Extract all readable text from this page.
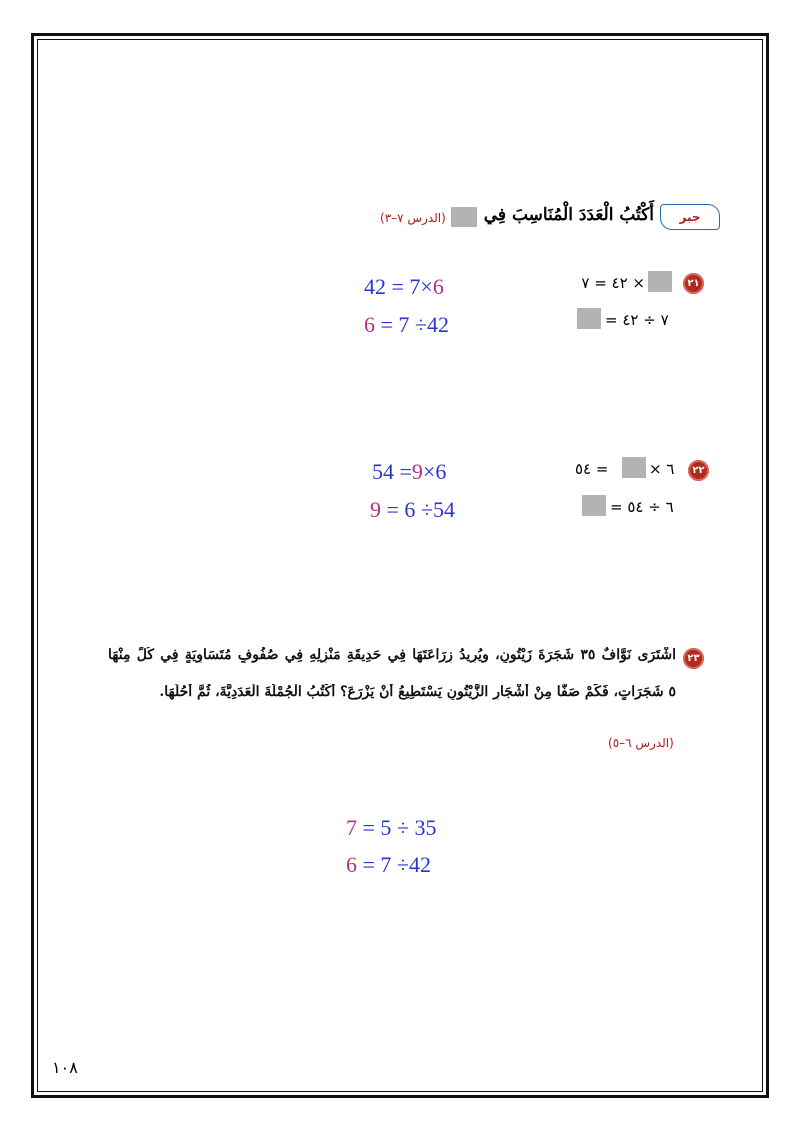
جبر
أَكْتُبُ الْعَدَدَ الْمُنَاسِبَ فِي
(الدرس ٧–٣)
٢١
٤٢ = ٧ ×
= ٧ ÷ ٤٢
42 = 7×6
6 = 7 ÷42
٢٢
× ٦
٥٤ =
= ٦ ÷ ٥٤
54 =9×6
9 = 6 ÷54
٢٣
اشْتَرَى نَوَّافٌ ٣٥ شَجَرَةَ زَيْتُونٍ، ويُرِيدُ زِرَاعَتَهَا فِي حَدِيقَةِ مَنْزِلِهِ فِي صُفُوفٍ مُتَسَاوِيَةٍ فِي كُلٍّ مِنْهَا
٥ شَجَرَاتٍ، فَكَمْ صَفًّا مِنْ أَشْجَارِ الزَّيْتُونِ يَسْتَطِيعُ أَنْ يَزْرَعَ؟ أَكْتُبُ الْجُمْلَةَ الْعَدَدِيَّةَ، ثُمَّ أَحُلُّهَا.
(الدرس ٦–٥)
7 = 5 ÷ 35
6 = 7 ÷42
١٠٨
